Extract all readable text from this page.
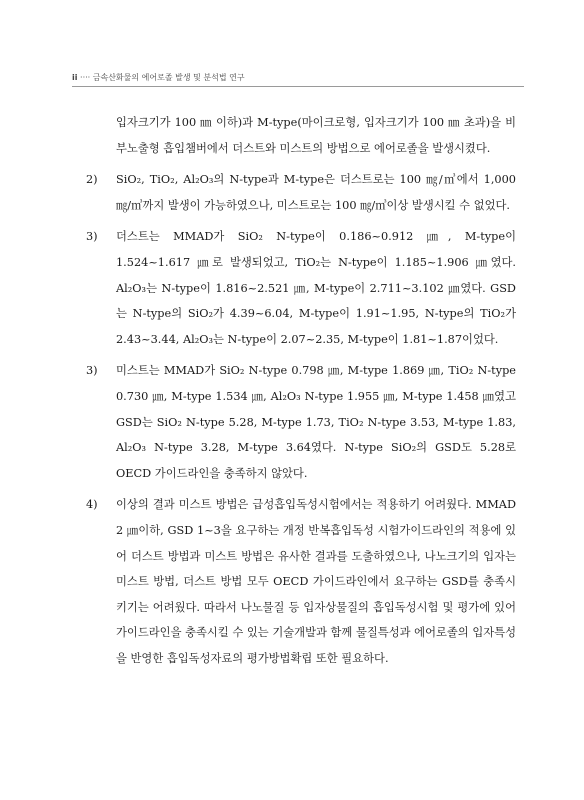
ii ···· 금속산화물의 에어로졸 발생 및 분석법 연구

입자크기가 100 ㎚ 이하)과 M-type(마이크로형, 입자크기가 100 ㎚ 초과)을 비부노출형 흡입챔버에서 더스트와 미스트의 방법으로 에어로졸을 발생시켰다.

2) SiO₂, TiO₂, Al₂O₃의 N-type과 M-type은 더스트로는 100 ㎎/㎥에서 1,000 ㎎/㎥까지 발생이 가능하였으나, 미스트로는 100 ㎎/㎥이상 발생시킬 수 없었다.

3) 더스트는 MMAD가 SiO₂ N-type이 0.186~0.912 ㎛, M-type이 1.524~1.617 ㎛로 발생되었고, TiO₂는 N-type이 1.185~1.906 ㎛였다. Al₂O₃는 N-type이 1.816~2.521 ㎛, M-type이 2.711~3.102 ㎛였다. GSD는 N-type의 SiO₂가 4.39~6.04, M-type이 1.91~1.95, N-type의 TiO₂가 2.43~3.44, Al₂O₃는 N-type이 2.07~2.35, M-type이 1.81~1.87이었다.

3) 미스트는 MMAD가 SiO₂ N-type 0.798 ㎛, M-type 1.869 ㎛, TiO₂ N-type 0.730 ㎛, M-type 1.534 ㎛, Al₂O₃ N-type 1.955 ㎛, M-type 1.458 ㎛였고 GSD는 SiO₂ N-type 5.28, M-type 1.73, TiO₂ N-type 3.53, M-type 1.83, Al₂O₃ N-type 3.28, M-type 3.64였다. N-type SiO₂의 GSD도 5.28로 OECD 가이드라인을 충족하지 않았다.

4) 이상의 결과 미스트 방법은 급성흡입독성시험에서는 적용하기 어려웠다. MMAD 2 ㎛이하, GSD 1~3을 요구하는 개정 반복흡입독성 시험가이드라인의 적용에 있어 더스트 방법과 미스트 방법은 유사한 결과를 도출하였으나, 나노크기의 입자는 미스트 방법, 더스트 방법 모두 OECD 가이드라인에서 요구하는 GSD를 충족시키기는 어려웠다. 따라서 나노물질 등 입자상물질의 흡입독성시험 및 평가에 있어 가이드라인을 충족시킬 수 있는 기술개발과 함께 물질특성과 에어로졸의 입자특성을 반영한 흡입독성자료의 평가방법확립 또한 필요하다.
